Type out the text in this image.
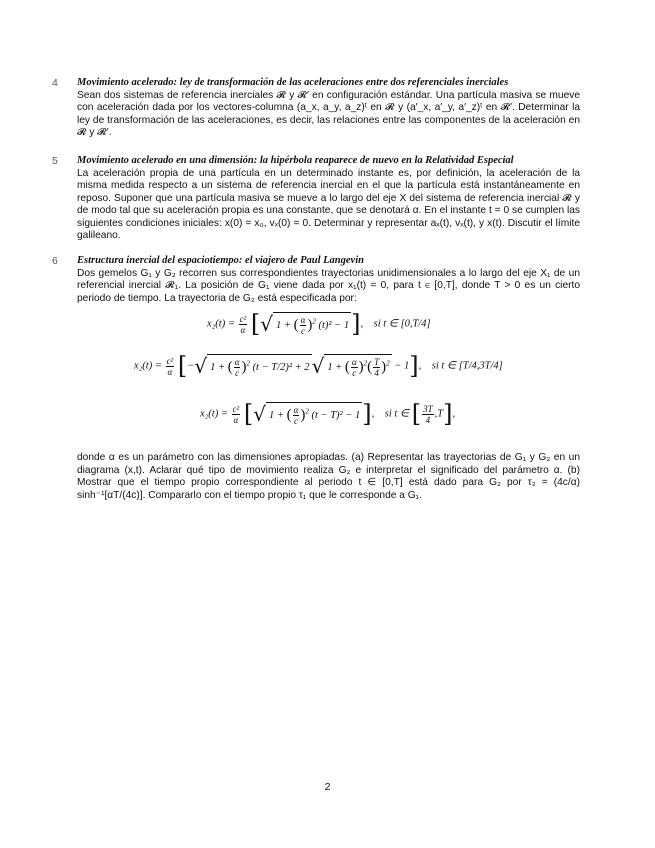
4	Movimiento acelerado: ley de transformación de las aceleraciones entre dos referenciales inerciales
Sean dos sistemas de referencia inerciales 𝓡 y 𝓡′ en configuración estándar. Una partícula masiva se mueve con aceleración dada por los vectores-columna (a_x, a_y, a_z)ᵗ en 𝓡 y (a′_x, a′_y, a′_z)ᵗ en 𝓡′. Determinar la ley de transformación de las aceleraciones, es decir, las relaciones entre las componentes de la aceleración en 𝓡 y 𝓡′.
5	Movimiento acelerado en una dimensión: la hipérbola reaparece de nuevo en la Relatividad Especial
La aceleración propia de una partícula en un determinado instante es, por definición, la aceleración de la misma medida respecto a un sistema de referencia inercial en el que la partícula está instantáneamente en reposo. Suponer que una partícula masiva se mueve a lo largo del eje X del sistema de referencia inercial 𝓡 y de modo tal que su aceleración propia es una constante, que se denotará α. En el instante t = 0 se cumplen las siguientes condiciones iniciales: x(0) = x₀, vₓ(0) = 0. Determinar y representar aₓ(t), vₓ(t), y x(t). Discutir el límite galileano.
6	Estructura inercial del espaciotiempo: el viajero de Paul Langevin
Dos gemelos G₁ y G₂ recorren sus correspondientes trayectorias unidimensionales a lo largo del eje X₁ de un referencial inercial 𝓡₁. La posición de G₁ viene dada por x₁(t) = 0, para t ∈ [0,T], donde T > 0 es un cierto periodo de tiempo. La trayectoria de G₂ está especificada por:
$x_2(t) = \frac{\text{c²}}{\alpha}$ [√ 1 + ( $\frac{\alpha}{c} )^2$ (t)² − 1],    si t ∈ [0,T/4]
$x_2(t) = \frac{\text{c²}}{\alpha}$ [−√ 1 + ( $\frac{\alpha}{c} )^2$ (t − T/2)² + 2 √ 1 + ( $\frac{\alpha}{c} )^2( \frac{T}{4} )^2 - 1$],    si t ∈ [T/4,3T/4]
$x_2(t) = \frac{\text{c²}}{\alpha}$ [√ 1 + ( $\frac{\alpha}{c} )^2$ (t − T)² − 1],    si t ∈ [ $\frac{3T}{4} ,T$],
donde α es un parámetro con las dimensiones apropiadas. (a) Representar las trayectorias de G₁ y G₂ en un diagrama (x,t). Aclarar qué tipo de movimiento realiza G₂ e interpretar el significado del parámetro α. (b) Mostrar que el tiempo propio correspondiente al periodo t ∈ [0,T] está dado para G₂ por τ₂ = (4c/α) sinh⁻¹[αT/(4c)]. Compararlo con el tiempo propio τ₁ que le corresponde a G₁.
2
